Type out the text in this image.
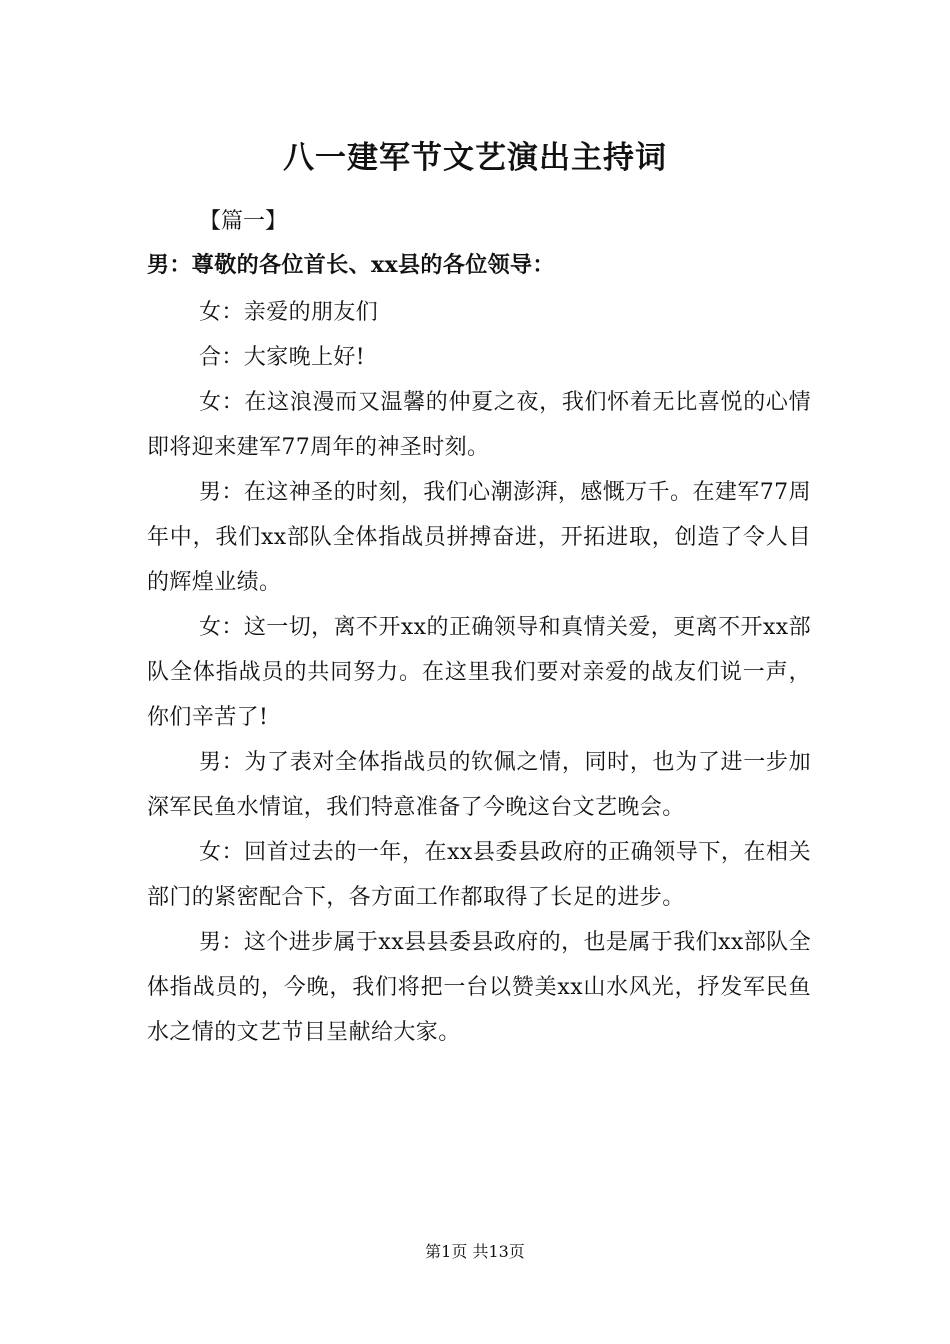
八一建军节文艺演出主持词

【篇一】

男：尊敬的各位首长、xx县的各位领导：

女：亲爱的朋友们

合：大家晚上好!

女：在这浪漫而又温馨的仲夏之夜，我们怀着无比喜悦的心情即将迎来建军77周年的神圣时刻。

男：在这神圣的时刻，我们心潮澎湃，感慨万千。在建军77周年中，我们xx部队全体指战员拼搏奋进，开拓进取，创造了令人目的辉煌业绩。

女：这一切，离不开xx的正确领导和真情关爱，更离不开xx部队全体指战员的共同努力。在这里我们要对亲爱的战友们说一声，你们辛苦了!

男：为了表对全体指战员的钦佩之情，同时，也为了进一步加深军民鱼水情谊，我们特意准备了今晚这台文艺晚会。

女：回首过去的一年，在xx县委县政府的正确领导下，在相关部门的紧密配合下，各方面工作都取得了长足的进步。

男：这个进步属于xx县县委县政府的，也是属于我们xx部队全体指战员的，今晚，我们将把一台以赞美xx山水风光，抒发军民鱼水之情的文艺节目呈献给大家。

第1页 共13页
